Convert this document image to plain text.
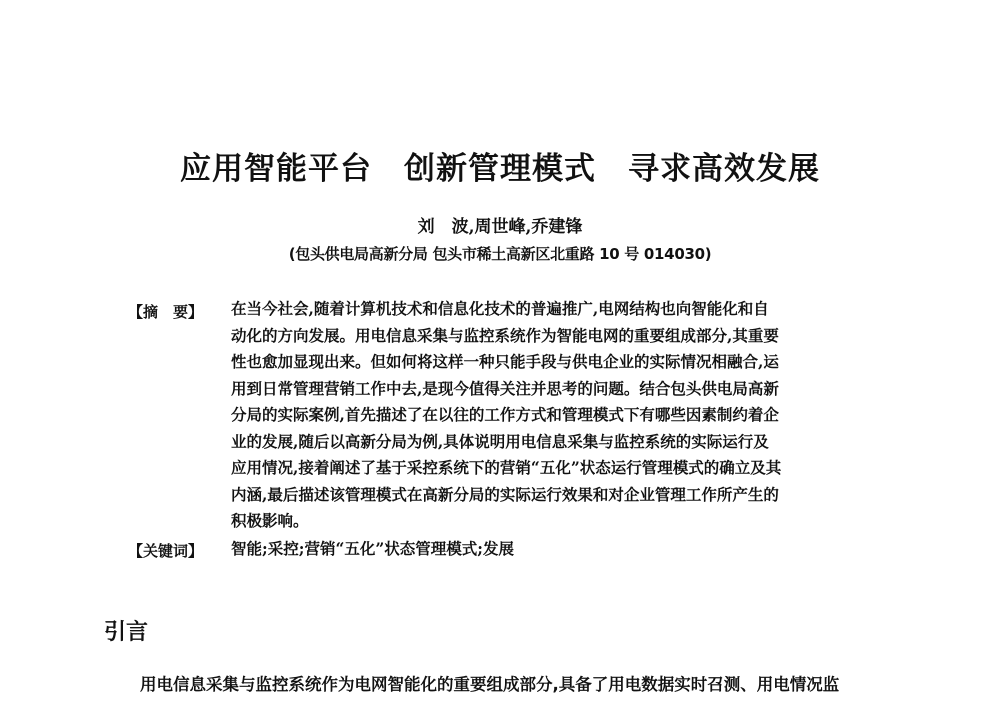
应用智能平台　创新管理模式　寻求高效发展
刘　波,周世峰,乔建锋
(包头供电局高新分局 包头市稀土高新区北重路 10 号 014030)
【摘　要】 在当今社会,随着计算机技术和信息化技术的普遍推广,电网结构也向智能化和自
动化的方向发展。用电信息采集与监控系统作为智能电网的重要组成部分,其重要
性也愈加显现出来。但如何将这样一种只能手段与供电企业的实际情况相融合,运
用到日常管理营销工作中去,是现今值得关注并思考的问题。结合包头供电局高新
分局的实际案例,首先描述了在以往的工作方式和管理模式下有哪些因素制约着企
业的发展,随后以高新分局为例,具体说明用电信息采集与监控系统的实际运行及
应用情况,接着阐述了基于采控系统下的营销“五化”状态运行管理模式的确立及其
内涵,最后描述该管理模式在高新分局的实际运行效果和对企业管理工作所产生的
积极影响。
【关键词】 智能;采控;营销“五化”状态管理模式;发展
引言
用电信息采集与监控系统作为电网智能化的重要组成部分,具备了用电数据实时召测、用电情况监
